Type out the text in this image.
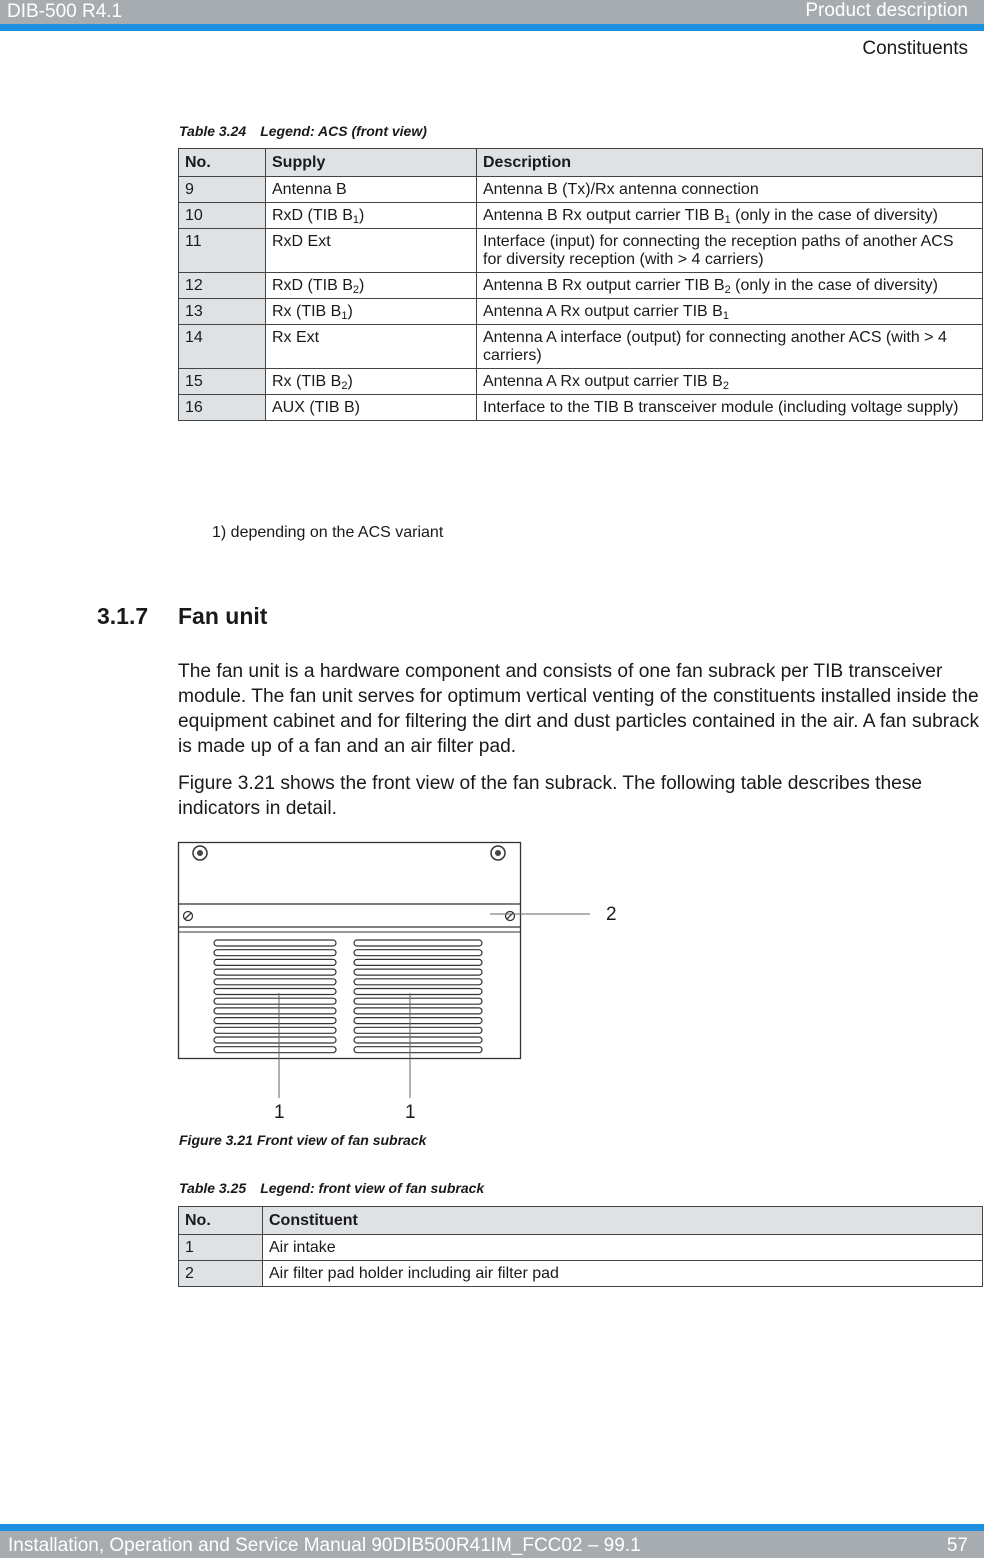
DIB-500 R4.1	Product description
Constituents
Table 3.24 Legend: ACS (front view)
No.	Supply	Description
9	Antenna B	Antenna B (Tx)/Rx antenna connection
10	RxD (TIB $B_1$)	Antenna B Rx output carrier TIB $B_1$ (only in the case of diversity)
11	RxD Ext	Interface (input) for connecting the reception paths of another ACS for diversity reception (with > 4 carriers)
12	RxD (TIB $B_2$)	Antenna B Rx output carrier TIB $B_2$ (only in the case of diversity)
13	Rx (TIB $B_1$)	Antenna A Rx output carrier TIB $B_1$
14	Rx Ext	Antenna A interface (output) for connecting another ACS (with > 4 carriers)
15	Rx (TIB $B_2$)	Antenna A Rx output carrier TIB $B_2$
16	AUX (TIB B)	Interface to the TIB B transceiver module (including voltage supply)
1) depending on the ACS variant
3.1.7 Fan unit

The fan unit is a hardware component and consists of one fan subrack per TIB transceiver module. The fan unit serves for optimum vertical venting of the constituents installed inside the equipment cabinet and for filtering the dirt and dust particles contained in the air. A fan subrack is made up of a fan and an air filter pad.

Figure 3.21 shows the front view of the fan subrack. The following table describes these indicators in detail.

2
1	1
Figure 3.21 Front view of fan subrack
Table 3.25 Legend: front view of fan subrack
No.	Constituent
1	Air intake
2	Air filter pad holder including air filter pad
Installation, Operation and Service Manual 90DIB500R41IM_FCC02 – 99.1	57
